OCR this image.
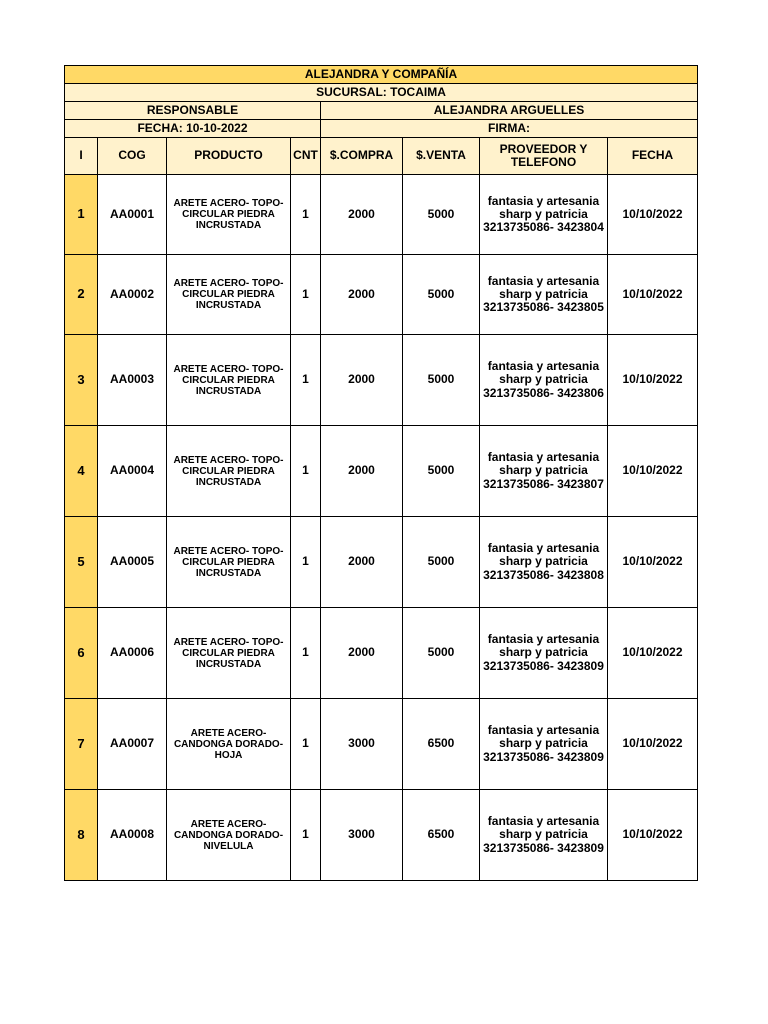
ALEJANDRA Y COMPAÑÍA							
SUCURSAL: TOCAIMA							
RESPONSABLE				ALEJANDRA ARGUELLES			
FECHA: 10-10-2022				FIRMA:			
I	COG	PRODUCTO	CNT	$.COMPRA	$.VENTA	PROVEEDOR Y TELEFONO	FECHA
1	AA0001	ARETE ACERO- TOPO- CIRCULAR PIEDRA INCRUSTADA	1	2000	5000	fantasia y artesania sharp y patricia 3213735086- 3423804	10/10/2022
2	AA0002	ARETE ACERO- TOPO- CIRCULAR PIEDRA INCRUSTADA	1	2000	5000	fantasia y artesania sharp y patricia 3213735086- 3423805	10/10/2022
3	AA0003	ARETE ACERO- TOPO- CIRCULAR PIEDRA INCRUSTADA	1	2000	5000	fantasia y artesania sharp y patricia 3213735086- 3423806	10/10/2022
4	AA0004	ARETE ACERO- TOPO- CIRCULAR PIEDRA INCRUSTADA	1	2000	5000	fantasia y artesania sharp y patricia 3213735086- 3423807	10/10/2022
5	AA0005	ARETE ACERO- TOPO- CIRCULAR PIEDRA INCRUSTADA	1	2000	5000	fantasia y artesania sharp y patricia 3213735086- 3423808	10/10/2022
6	AA0006	ARETE ACERO- TOPO- CIRCULAR PIEDRA INCRUSTADA	1	2000	5000	fantasia y artesania sharp y patricia 3213735086- 3423809	10/10/2022
7	AA0007	ARETE ACERO- CANDONGA DORADO- HOJA	1	3000	6500	fantasia y artesania sharp y patricia 3213735086- 3423809	10/10/2022
8	AA0008	ARETE ACERO- CANDONGA DORADO- NIVELULA	1	3000	6500	fantasia y artesania sharp y patricia 3213735086- 3423809	10/10/2022
